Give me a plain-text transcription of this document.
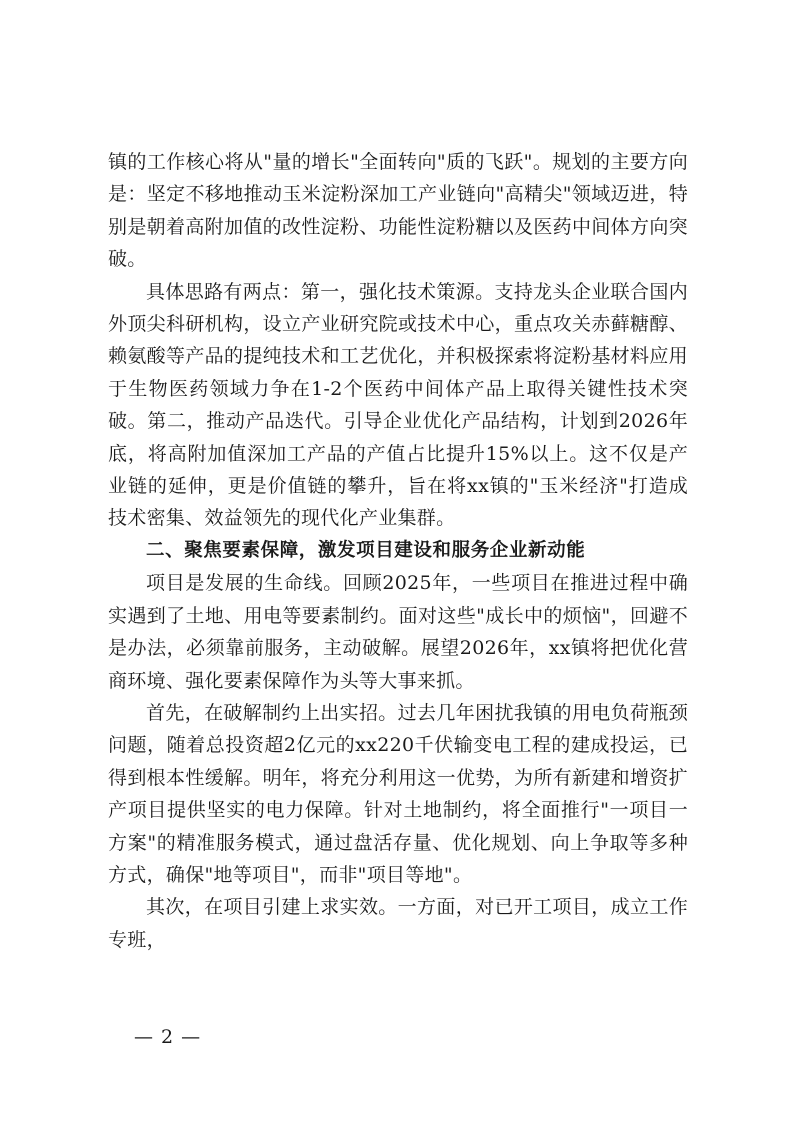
镇的工作核心将从"量的增长"全面转向"质的飞跃"。规划的主要方向是：坚定不移地推动玉米淀粉深加工产业链向"高精尖"领域迈进，特别是朝着高附加值的改性淀粉、功能性淀粉糖以及医药中间体方向突破。

具体思路有两点：第一，强化技术策源。支持龙头企业联合国内外顶尖科研机构，设立产业研究院或技术中心，重点攻关赤藓糖醇、赖氨酸等产品的提纯技术和工艺优化，并积极探索将淀粉基材料应用于生物医药领域力争在1-2个医药中间体产品上取得关键性技术突破。第二，推动产品迭代。引导企业优化产品结构，计划到2026年底，将高附加值深加工产品的产值占比提升15%以上。这不仅是产业链的延伸，更是价值链的攀升，旨在将xx镇的"玉米经济"打造成技术密集、效益领先的现代化产业集群。

二、聚焦要素保障，激发项目建设和服务企业新动能

项目是发展的生命线。回顾2025年，一些项目在推进过程中确实遇到了土地、用电等要素制约。面对这些"成长中的烦恼"，回避不是办法，必须靠前服务，主动破解。展望2026年，xx镇将把优化营商环境、强化要素保障作为头等大事来抓。

首先，在破解制约上出实招。过去几年困扰我镇的用电负荷瓶颈问题，随着总投资超2亿元的xx220千伏输变电工程的建成投运，已得到根本性缓解。明年，将充分利用这一优势，为所有新建和增资扩产项目提供坚实的电力保障。针对土地制约，将全面推行"一项目一方案"的精准服务模式，通过盘活存量、优化规划、向上争取等多种方式，确保"地等项目"，而非"项目等地"。

其次，在项目引建上求实效。一方面，对已开工项目，成立工作专班，

— 2 —
